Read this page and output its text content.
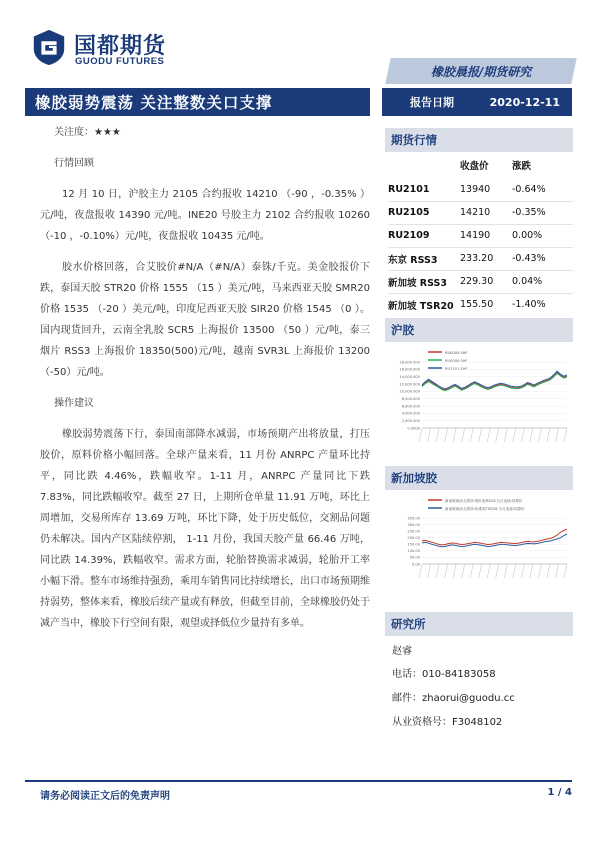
国都期货
GUODU FUTURES
橡胶晨报/期货研究
橡胶弱势震荡 关注整数关口支撑	报告日期	2020-12-11

关注度：★★★

行情回顾

12 月 10 日，沪胶主力 2105 合约报收 14210 （-90 ，-0.35% ）元/吨，夜盘报收 14390 元/吨。INE20 号胶主力 2102 合约报收 10260 （-10 ，-0.10%）元/吨，夜盘报收 10435 元/吨。

胶水价格回落，合艾胶价#N/A（#N/A）泰铢/千克。美金胶报价下跌，泰国天胶 STR20 价格 1555 （15 ）美元/吨，马来西亚天胶 SMR20 价格 1535 （-20 ）美元/吨，印度尼西亚天胶 SIR20 价格 1545 （0 ）。国内现货回升，云南全乳胶 SCR5 上海报价 13500 （50 ）元/吨，泰三烟片 RSS3 上海报价 18350(500)元/吨，越南 SVR3L 上海报价 13200 （-50）元/吨。

操作建议

橡胶弱势震荡下行，泰国南部降水减弱，市场预期产出将放量，打压胶价，原料价格小幅回落。全球产量来看，11 月份 ANRPC 产量环比持平，同比跌 4.46%，跌幅收窄。1-11 月，ANRPC 产量同比下跌 7.83%，同比跌幅收窄。截至 27 日，上期所仓单量 11.91 万吨，环比上周增加，交易所库存 13.69 万吨，环比下降，处于历史低位，交割品问题仍未解决。国内产区陆续停割， 1-11 月份，我国天胶产量 66.46 万吨，同比跌 14.39%，跌幅收窄。需求方面，轮胎替换需求减弱，轮胎开工率小幅下滑。整车市场维持强劲，乘用车销售同比持续增长，出口市场预期维持弱势，整体来看，橡胶后续产量或有释放，但截至目前，全球橡胶仍处于减产当中，橡胶下行空间有限，观望或择低位少量持有多单。

期货行情
	收盘价	涨跌
RU2101	13940	-0.64%
RU2105	14210	-0.35%
RU2109	14190	0.00%
东京 RSS3	233.20	-0.43%
新加坡 RSS3	229.30	0.04%
新加坡 TSR20	155.50	-1.40%
沪胶
RU0000.SHF
RU0000.SHF
RU2101.SHF
0.0000
2,000.000
4,000.000
6,000.000
8,000.000
10,000.000
12,000.000
14,000.000
16,000.000
18,000.000
新加坡胶
新加坡商品交易所:烟片胶RSS3:当月连续:结算价
新加坡商品交易所:标准胶TSR20:当月连续:结算价
0.00
50.00
100.00
150.00
200.00
250.00
300.00
350.00
研究所
赵睿
电话：010-84183058
邮件：zhaorui@guodu.cc
从业资格号：F3048102
请务必阅读正文后的免责声明	1 / 4
